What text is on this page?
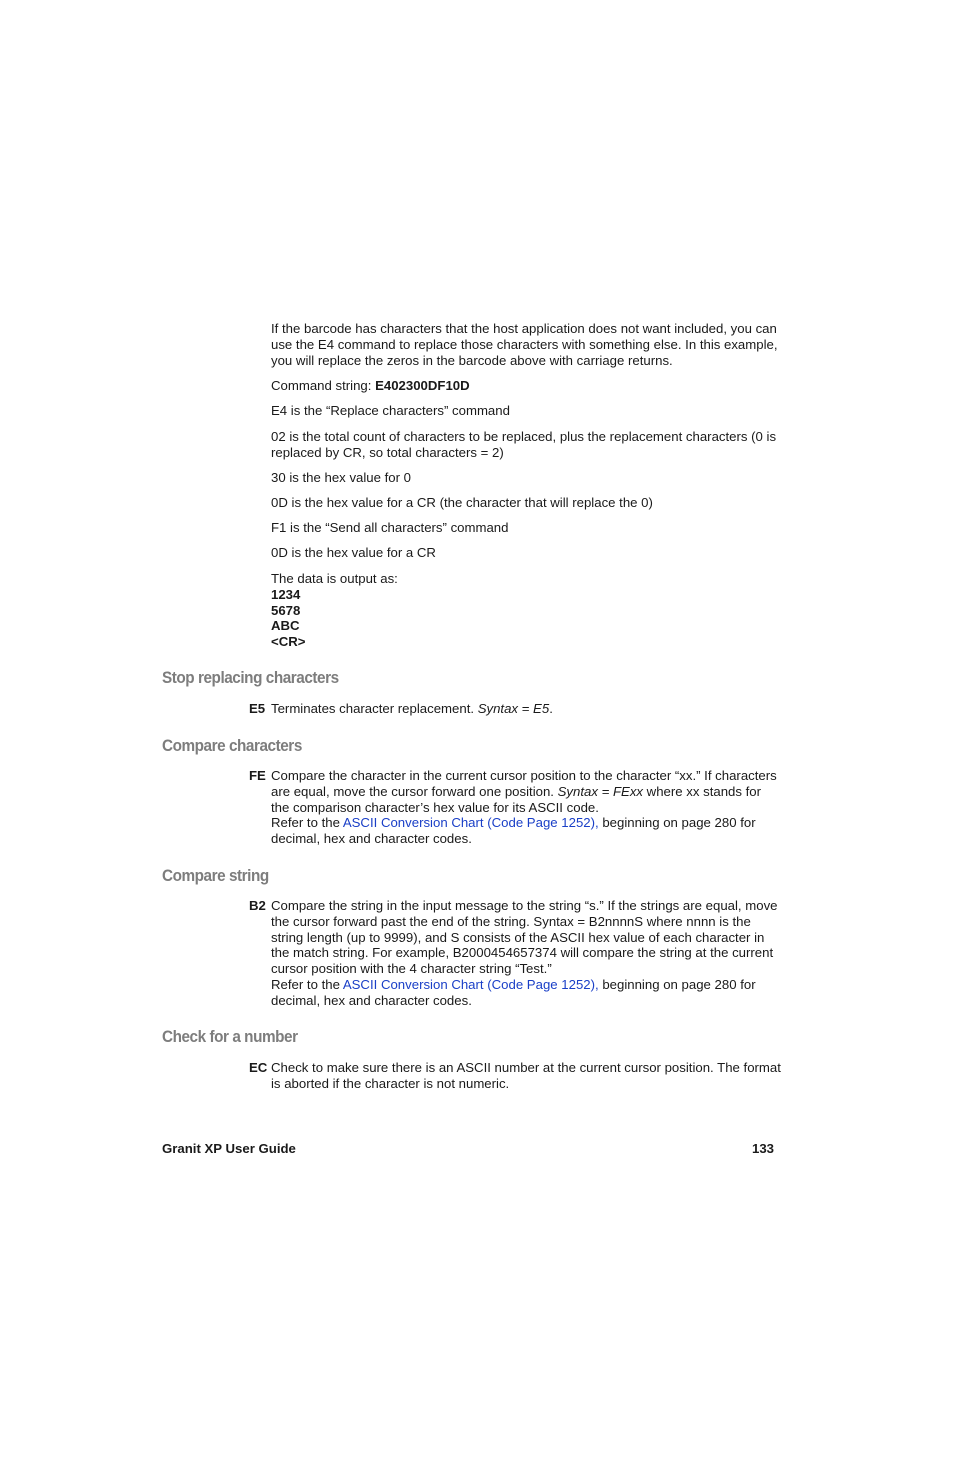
If the barcode has characters that the host application does not want included, you can use the E4 command to replace those characters with something else. In this example, you will replace the zeros in the barcode above with carriage returns.

Command string: E402300DF10D

E4 is the “Replace characters” command

02 is the total count of characters to be replaced, plus the replacement characters (0 is replaced by CR, so total characters = 2)

30 is the hex value for 0

0D is the hex value for a CR (the character that will replace the 0)

F1 is the “Send all characters” command

0D is the hex value for a CR

The data is output as:
1234
5678
ABC
<CR>
Stop replacing characters
E5 Terminates character replacement. Syntax = E5.

Compare characters
FE Compare the character in the current cursor position to the character “xx.” If characters are equal, move the cursor forward one position. Syntax = FExx where xx stands for the comparison character’s hex value for its ASCII code.
Refer to the ASCII Conversion Chart (Code Page 1252), beginning on page 280 for decimal, hex and character codes.

Compare string
B2 Compare the string in the input message to the string “s.” If the strings are equal, move the cursor forward past the end of the string. Syntax = B2nnnnS where nnnn is the string length (up to 9999), and S consists of the ASCII hex value of each character in the match string. For example, B2000454657374 will compare the string at the current cursor position with the 4 character string “Test.”
Refer to the ASCII Conversion Chart (Code Page 1252), beginning on page 280 for decimal, hex and character codes.

Check for a number
EC Check to make sure there is an ASCII number at the current cursor position. The format is aborted if the character is not numeric.

Granit XP User Guide	133
